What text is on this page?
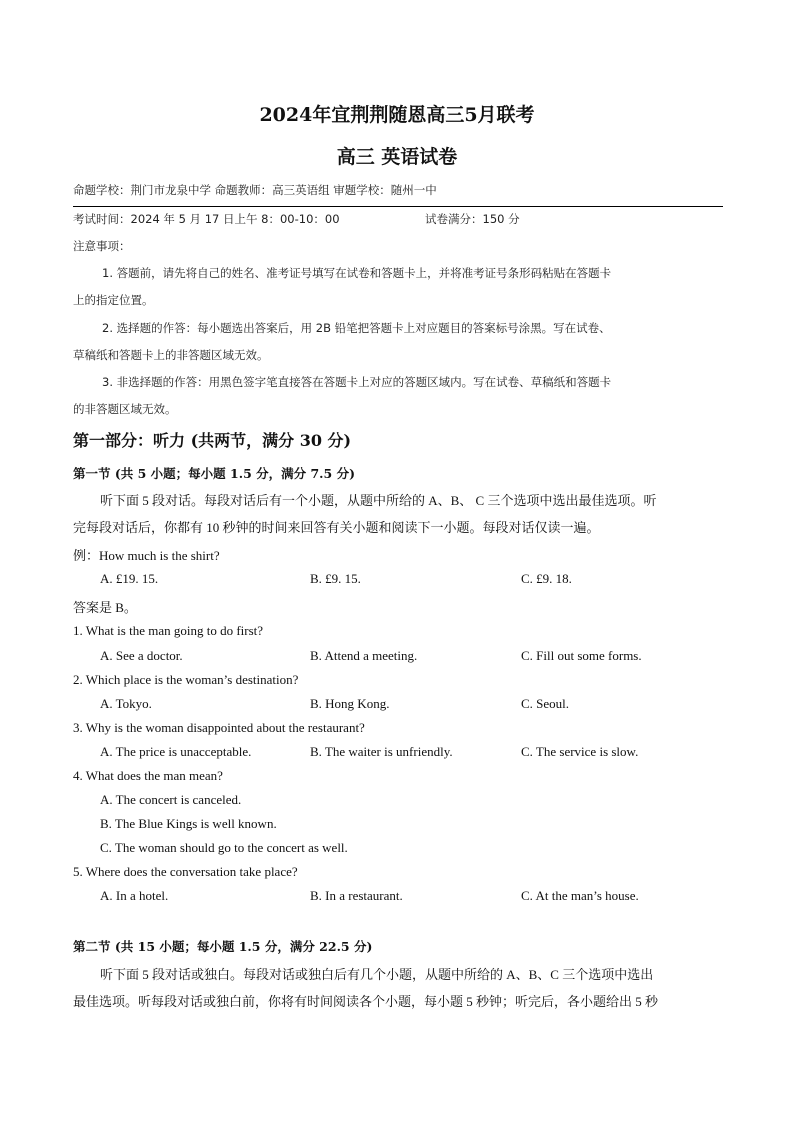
2024年宜荆荆随恩高三5月联考
高三 英语试卷
命题学校：荆门市龙泉中学 命题教师：高三英语组 审题学校：随州一中
考试时间：2024 年 5 月 17 日上午 8：00-10：00	试卷满分：150 分
注意事项：
1. 答题前，请先将自己的姓名、准考证号填写在试卷和答题卡上，并将准考证号条形码粘贴在答题卡
上的指定位置。
2. 选择题的作答：每小题选出答案后，用 2B 铅笔把答题卡上对应题目的答案标号涂黑。写在试卷、
草稿纸和答题卡上的非答题区域无效。
3. 非选择题的作答：用黑色签字笔直接答在答题卡上对应的答题区域内。写在试卷、草稿纸和答题卡
的非答题区域无效。
第一部分：听力 (共两节，满分 30 分)
第一节 (共 5 小题；每小题 1.5 分，满分 7.5 分)
听下面 5 段对话。每段对话后有一个小题，从题中所给的 A、B、 C 三个选项中选出最佳选项。听
完每段对话后，你都有 10 秒钟的时间来回答有关小题和阅读下一小题。每段对话仅读一遍。
例：How much is the shirt?
A. £19. 15.	B. £9. 15.	C. £9. 18.
答案是 B。
1. What is the man going to do first?
A. See a doctor.	B. Attend a meeting.	C. Fill out some forms.
2. Which place is the woman’s destination?
A. Tokyo.	B. Hong Kong.	C. Seoul.
3. Why is the woman disappointed about the restaurant?
A. The price is unacceptable.	B. The waiter is unfriendly.	C. The service is slow.
4. What does the man mean?
A. The concert is canceled.
B. The Blue Kings is well known.
C. The woman should go to the concert as well.
5. Where does the conversation take place?
A. In a hotel.	B. In a restaurant.	C. At the man’s house.
第二节 (共 15 小题；每小题 1.5 分，满分 22.5 分)
听下面 5 段对话或独白。每段对话或独白后有几个小题，从题中所给的 A、B、C 三个选项中选出
最佳选项。听每段对话或独白前，你将有时间阅读各个小题，每小题 5 秒钟；听完后，各小题给出 5 秒
